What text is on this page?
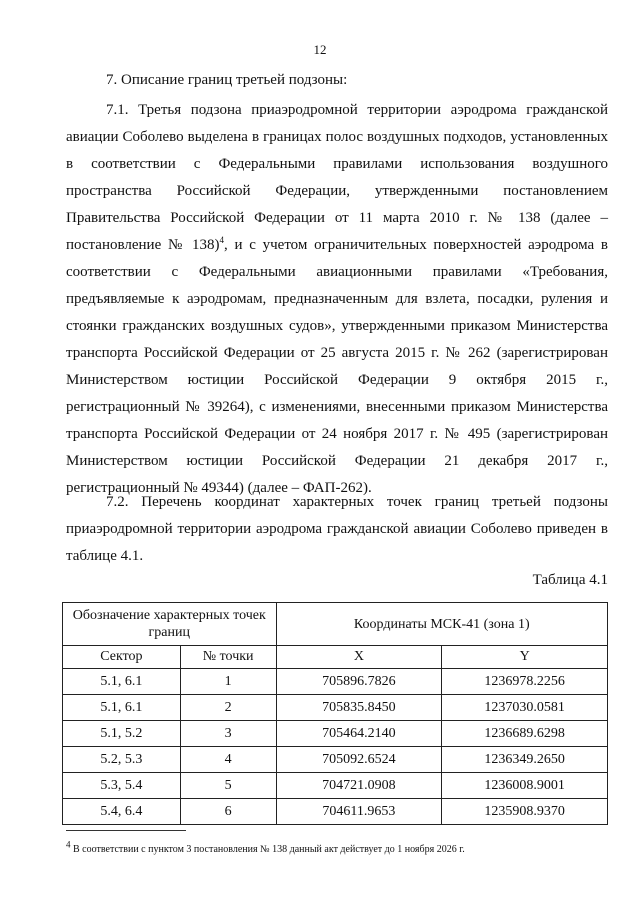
12
7. Описание границ третьей подзоны:

7.1. Третья подзона приаэродромной территории аэродрома гражданской авиации Соболево выделена в границах полос воздушных подходов, установленных в соответствии с Федеральными правилами использования воздушного пространства Российской Федерации, утвержденными постановлением Правительства Российской Федерации от 11 марта 2010 г. № 138 (далее – постановление № 138)$^4$, и с учетом ограничительных поверхностей аэродрома в соответствии с Федеральными авиационными правилами «Требования, предъявляемые к аэродромам, предназначенным для взлета, посадки, руления и стоянки гражданских воздушных судов», утвержденными приказом Министерства транспорта Российской Федерации от 25 августа 2015 г. № 262 (зарегистрирован Министерством юстиции Российской Федерации 9 октября 2015 г., регистрационный № 39264), с изменениями, внесенными приказом Министерства транспорта Российской Федерации от 24 ноября 2017 г. № 495 (зарегистрирован Министерством юстиции Российской Федерации 21 декабря 2017 г., регистрационный № 49344) (далее – ФАП-262).

7.2. Перечень координат характерных точек границ третьей подзоны приаэродромной территории аэродрома гражданской авиации Соболево приведен в таблице 4.1.

Таблица 4.1
Обозначение характерных точек границ		Координаты МСК-41 (зона 1)	
Сектор	№ точки	X	Y
5.1, 6.1	1	705896.7826	1236978.2256
5.1, 6.1	2	705835.8450	1237030.0581
5.1, 5.2	3	705464.2140	1236689.6298
5.2, 5.3	4	705092.6524	1236349.2650
5.3, 5.4	5	704721.0908	1236008.9001
5.4, 6.4	6	704611.9653	1235908.9370
$^4$ В соответствии с пунктом 3 постановления № 138 данный акт действует до 1 ноября 2026 г.
